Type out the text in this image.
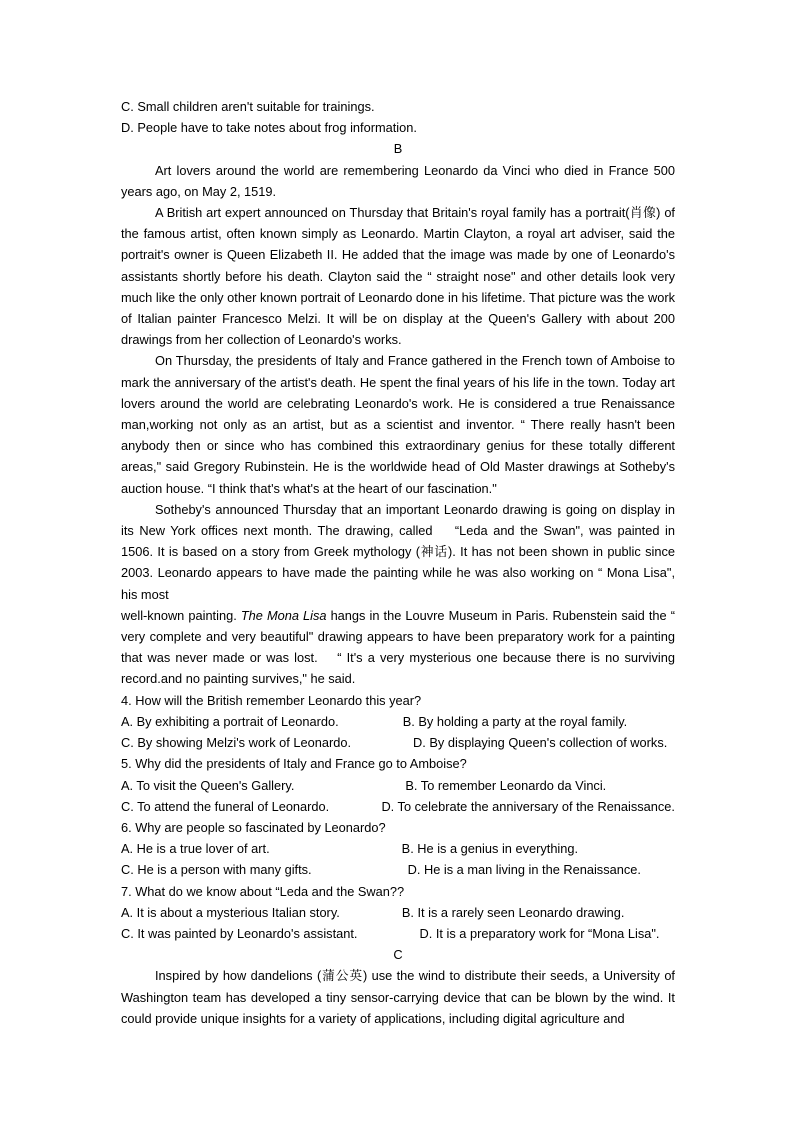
C. Small children aren't suitable for trainings.

D. People have to take notes about frog information.

B

Art lovers around the world are remembering Leonardo da Vinci who died in France 500 years ago, on May 2, 1519.

A British art expert announced on Thursday that Britain's royal family has a portrait(肖像) of the famous artist, often known simply as Leonardo. Martin Clayton, a royal art adviser, said the portrait's owner is Queen Elizabeth II. He added that the image was made by one of Leonardo's assistants shortly before his death. Clayton said the “ straight nose" and other details look very much like the only other known portrait of Leonardo done in his lifetime. That picture was the work of Italian painter Francesco Melzi. It will be on display at the Queen's Gallery with about 200 drawings from her collection of Leonardo's works.

On Thursday, the presidents of Italy and France gathered in the French town of Amboise to mark the anniversary of the artist's death. He spent the final years of his life in the town. Today art lovers around the world are celebrating Leonardo's work. He is considered a true Renaissance man,working not only as an artist, but as a scientist and inventor. “ There really hasn't been anybody then or since who has combined this extraordinary genius for these totally different areas," said Gregory Rubinstein. He is the worldwide head of Old Master drawings at Sotheby's auction house. “I think that's what's at the heart of our fascination."

Sotheby's announced Thursday that an important Leonardo drawing is going on display in its New York offices next month. The drawing, called　 “Leda and the Swan", was painted in 1506. It is based on a story from Greek mythology (神话). It has not been shown in public since 2003. Leonardo appears to have made the painting while he was also working on “ Mona Lisa", his most

well-known painting. The Mona Lisa hangs in the Louvre Museum in Paris. Rubenstein said the “ very complete and very beautiful" drawing appears to have been preparatory work for a painting that was never made or was lost. 　“ It's a very mysterious one because there is no surviving record.and no painting survives," he said.

4. How will the British remember Leonardo this year?

A. By exhibiting a portrait of Leonardo.	B. By holding a party at the royal family.
C. By showing Melzi's work of Leonardo.	D. By displaying Queen's collection of works.

5. Why did the presidents of Italy and France go to Amboise?

A. To visit the Queen's Gallery.	B. To remember Leonardo da Vinci.
C. To attend the funeral of Leonardo.	D. To celebrate the anniversary of the Renaissance.

6. Why are people so fascinated by Leonardo?

A. He is a true lover of art.	B. He is a genius in everything.
C. He is a person with many gifts.	D. He is a man living in the Renaissance.

7. What do we know about “Leda and the Swan??

A. It is about a mysterious Italian story.	B. It is a rarely seen Leonardo drawing.
C. It was painted by Leonardo's assistant.	D. It is a preparatory work for “Mona Lisa".

C

Inspired by how dandelions (蒲公英) use the wind to distribute their seeds, a University of Washington team has developed a tiny sensor-carrying device that can be blown by the wind. It could provide unique insights for a variety of applications, including digital agriculture and
